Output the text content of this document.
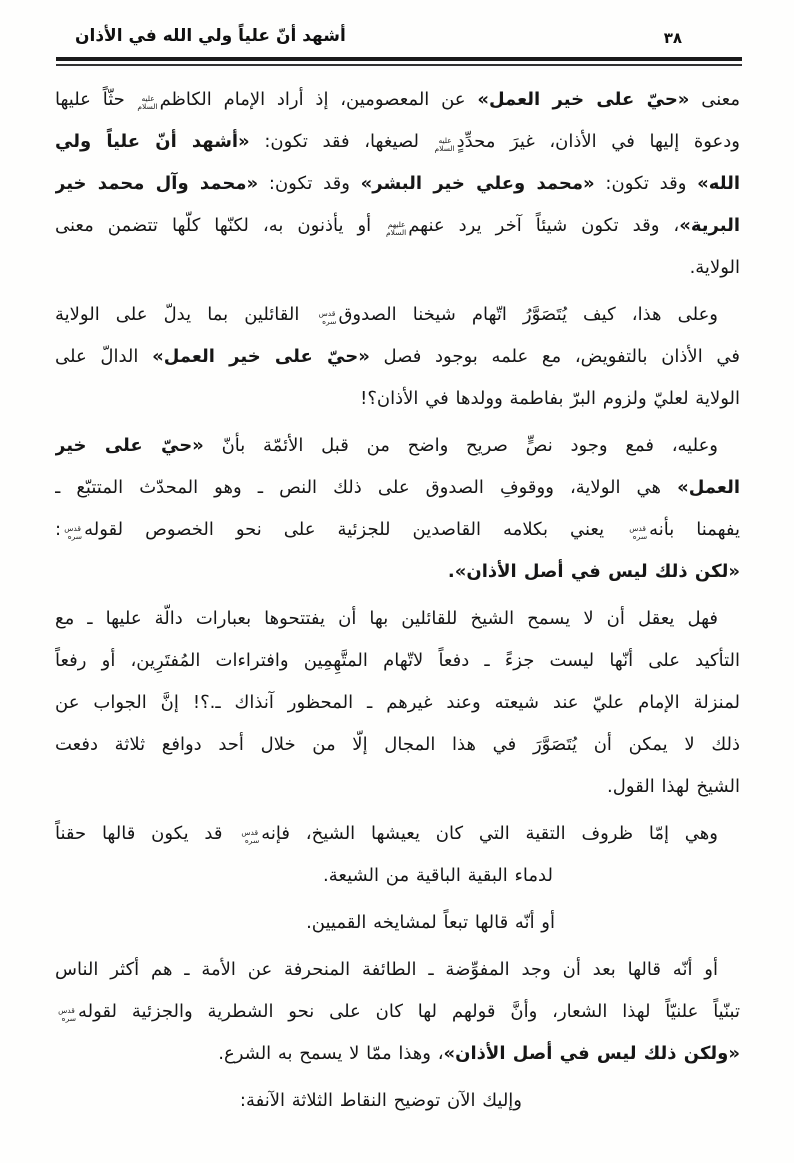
٣٨
أشهد أنّ علياً ولي الله في الأذان
معنى «حيّ على خير العمل» عن المعصومين، إذ أراد الإمام الكاظمعليه السلام حثّاً عليها
ودعوة إليها في الأذان، غيرَ محدِّدٍعليه السلام لصيغها، فقد تكون: «أشهد أنّ علياً ولي
الله» وقد تكون: «محمد وعلي خير البشر» وقد تكون: «محمد وآل محمد خير
البرية»، وقد تكون شيئاً آخر يرد عنهمعليهم السلام أو يأذنون به، لكنّها كلّها تتضمن معنى
الولاية.
وعلى هذا، كيف يُتَصَوَّرُ اتّهام شيخنا الصدوققدس سره القائلين بما يدلّ على الولاية
في الأذان بالتفويض، مع علمه بوجود فصل «حيّ على خير العمل» الدالّ على
الولاية لعليّ ولزوم البرّ بفاطمة وولدها في الأذان؟!
وعليه، فمع وجود نصٍّ صريح واضح من قبل الأئمّة بأنّ «حيّ على خير
العمل» هي الولاية، ووقوفِ الصدوق على ذلك النص ـ وهو المحدّث المتتبّع ـ
يفهمنا بأنهقدس سره يعني بكلامه القاصدين للجزئية على نحو الخصوص لقولهقدس سره:
«لكن ذلك ليس في أصل الأذان».
فهل يعقل أن لا يسمح الشيخ للقائلين بها أن يفتتحوها بعبارات دالّة عليها ـ مع
التأكيد على أنّها ليست جزءً ـ دفعاً لاتّهام المتَّهِمِين وافتراءات المُفتَرِين، أو رفعاً
لمنزلة الإمام عليّ عند شيعته وعند غيرهم ـ المحظور آنذاك ـ.؟! إنَّ الجواب عن
ذلك لا يمكن أن يُتَصَوَّرَ في هذا المجال إلّا من خلال أحد دوافع ثلاثة دفعت
الشيخ لهذا القول.
وهي إمّا ظروف التقية التي كان يعيشها الشيخ، فإنهقدس سره قد يكون قالها حقناً
لدماء البقية الباقية من الشيعة.
أو أنّه قالها تبعاً لمشايخه القميين.
أو أنّه قالها بعد أن وجد المفوِّضة ـ الطائفة المنحرفة عن الأمة ـ هم أكثر الناس
تبنّياً علنيّاً لهذا الشعار، وأنَّ قولهم لها كان على نحو الشطرية والجزئية لقولهقدس سره
«ولكن ذلك ليس في أصل الأذان»، وهذا ممّا لا يسمح به الشرع.
وإليك الآن توضيح النقاط الثلاثة الآنفة:
